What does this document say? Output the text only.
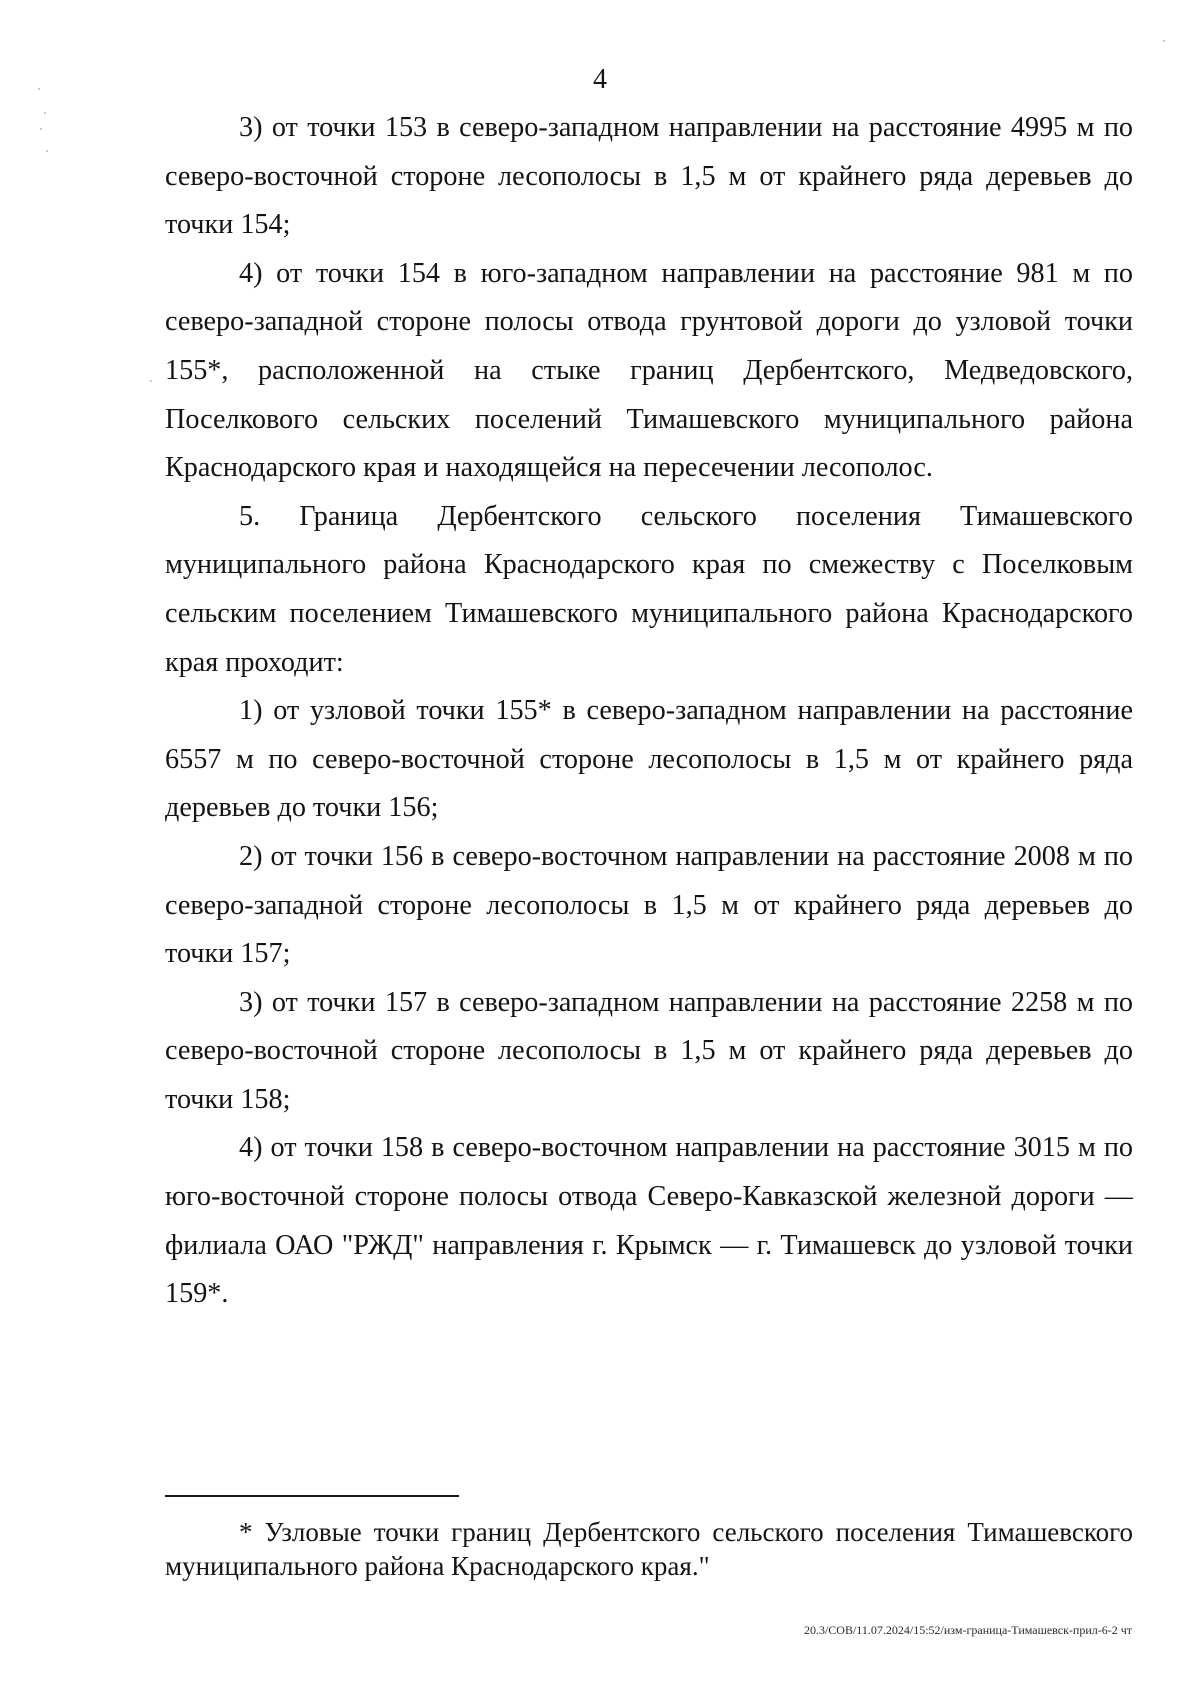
4

3) от точки 153 в северо-западном направлении на расстояние 4995 м по северо-восточной стороне лесополосы в 1,5 м от крайнего ряда деревьев до точки 154;

4) от точки 154 в юго-западном направлении на расстояние 981 м по северо-западной стороне полосы отвода грунтовой дороги до узловой точки 155*, расположенной на стыке границ Дербентского, Медведовского, Поселкового сельских поселений Тимашевского муниципального района Краснодарского края и находящейся на пересечении лесополос.

5. Граница Дербентского сельского поселения Тимашевского муниципального района Краснодарского края по смежеству с Поселковым сельским поселением Тимашевского муниципального района Краснодарского края проходит:

1) от узловой точки 155* в северо-западном направлении на расстояние 6557 м по северо-восточной стороне лесополосы в 1,5 м от крайнего ряда деревьев до точки 156;

2) от точки 156 в северо-восточном направлении на расстояние 2008 м по северо-западной стороне лесополосы в 1,5 м от крайнего ряда деревьев до точки 157;

3) от точки 157 в северо-западном направлении на расстояние 2258 м по северо-восточной стороне лесополосы в 1,5 м от крайнего ряда деревьев до точки 158;

4) от точки 158 в северо-восточном направлении на расстояние 3015 м по юго-восточной стороне полосы отвода Северо-Кавказской железной дороги — филиала ОАО "РЖД" направления г. Крымск — г. Тимашевск до узловой точки 159*.

* Узловые точки границ Дербентского сельского поселения Тимашевского муниципального района Краснодарского края."

20.3/СОВ/11.07.2024/15:52/изм-граница-Тимашевск-прил-6-2 чт
